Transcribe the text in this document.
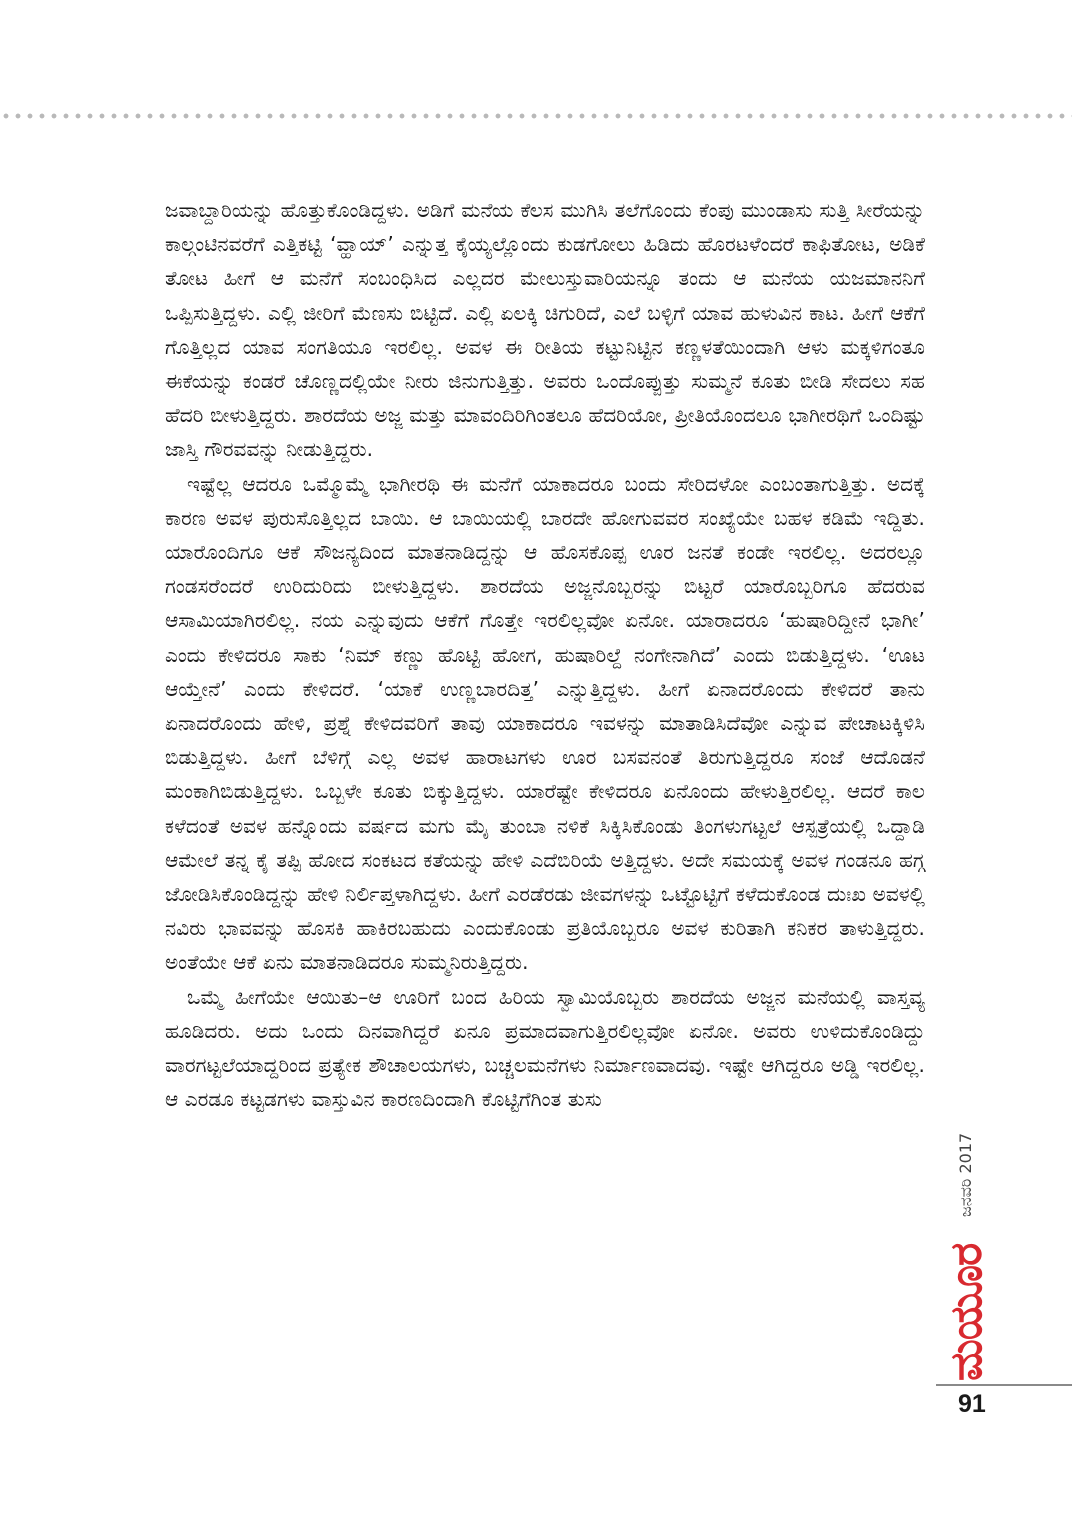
ಜವಾಬ್ದಾರಿಯನ್ನು ಹೊತ್ತುಕೊಂಡಿದ್ದಳು. ಅಡಿಗೆ ಮನೆಯ ಕೆಲಸ ಮುಗಿಸಿ ತಲೆಗೊಂದು ಕೆಂಪು ಮುಂಡಾಸು ಸುತ್ತಿ ಸೀರೆಯನ್ನು ಕಾಲ್ಗಂಟಿನವರೆಗೆ ಎತ್ತಿಕಟ್ಟಿ ‘ವ್ಹಾಯ್’ ಎನ್ನುತ್ತ ಕೈಯ್ಯಲ್ಲೊಂದು ಕುಡಗೋಲು ಹಿಡಿದು ಹೊರಟಳೆಂದರೆ ಕಾಫಿತೋಟ, ಅಡಿಕೆ ತೋಟ ಹೀಗೆ ಆ ಮನೆಗೆ ಸಂಬಂಧಿಸಿದ ಎಲ್ಲದರ ಮೇಲುಸ್ತುವಾರಿಯನ್ನೂ ತಂದು ಆ ಮನೆಯ ಯಜಮಾನನಿಗೆ ಒಪ್ಪಿಸುತ್ತಿದ್ದಳು. ಎಲ್ಲಿ ಜೀರಿಗೆ ಮೆಣಸು ಬಿಟ್ಟಿದೆ. ಎಲ್ಲಿ ಏಲಕ್ಕಿ ಚಿಗುರಿದೆ, ಎಲೆ ಬಳ್ಳಿಗೆ ಯಾವ ಹುಳುವಿನ ಕಾಟ. ಹೀಗೆ ಆಕೆಗೆ ಗೊತ್ತಿಲ್ಲದ ಯಾವ ಸಂಗತಿಯೂ ಇರಲಿಲ್ಲ. ಅವಳ ಈ ರೀತಿಯ ಕಟ್ಟುನಿಟ್ಟಿನ ಕಣ್ಣಳತೆಯಿಂದಾಗಿ ಆಳು ಮಕ್ಕಳಿಗಂತೂ ಈಕೆಯನ್ನು ಕಂಡರೆ ಚೊಣ್ಣದಲ್ಲಿಯೇ ನೀರು ಜಿನುಗುತ್ತಿತ್ತು. ಅವರು ಒಂದೊಪ್ಪುತ್ತು ಸುಮ್ಮನೆ ಕೂತು ಬೀಡಿ ಸೇದಲು ಸಹ ಹೆದರಿ ಬೀಳುತ್ತಿದ್ದರು. ಶಾರದೆಯ ಅಜ್ಜ ಮತ್ತು ಮಾವಂದಿರಿಗಿಂತಲೂ ಹೆದರಿಯೋ, ಪ್ರೀತಿಯೊಂದಲೂ ಭಾಗೀರಥಿಗೆ ಒಂದಿಷ್ಟು ಜಾಸ್ತಿ ಗೌರವವನ್ನು ನೀಡುತ್ತಿದ್ದರು.

ಇಷ್ಟೆಲ್ಲ ಆದರೂ ಒಮ್ಮೊಮ್ಮೆ ಭಾಗೀರಥಿ ಈ ಮನೆಗೆ ಯಾಕಾದರೂ ಬಂದು ಸೇರಿದಳೋ ಎಂಬಂತಾಗುತ್ತಿತ್ತು. ಅದಕ್ಕೆ ಕಾರಣ ಅವಳ ಪುರುಸೊತ್ತಿಲ್ಲದ ಬಾಯಿ. ಆ ಬಾಯಿಯಲ್ಲಿ ಬಾರದೇ ಹೋಗುವವರ ಸಂಖ್ಯೆಯೇ ಬಹಳ ಕಡಿಮೆ ಇದ್ದಿತು. ಯಾರೊಂದಿಗೂ ಆಕೆ ಸೌಜನ್ಯದಿಂದ ಮಾತನಾಡಿದ್ದನ್ನು ಆ ಹೊಸಕೊಪ್ಪ ಊರ ಜನತೆ ಕಂಡೇ ಇರಲಿಲ್ಲ. ಅದರಲ್ಲೂ ಗಂಡಸರೆಂದರೆ ಉರಿದುರಿದು ಬೀಳುತ್ತಿದ್ದಳು. ಶಾರದೆಯ ಅಜ್ಜನೊಬ್ಬರನ್ನು ಬಿಟ್ಟರೆ ಯಾರೊಬ್ಬರಿಗೂ ಹೆದರುವ ಆಸಾಮಿಯಾಗಿರಲಿಲ್ಲ. ನಯ ಎನ್ನುವುದು ಆಕೆಗೆ ಗೊತ್ತೇ ಇರಲಿಲ್ಲವೋ ಏನೋ. ಯಾರಾದರೂ ‘ಹುಷಾರಿದ್ದೀನೆ ಭಾಗೀ’ ಎಂದು ಕೇಳಿದರೂ ಸಾಕು ‘ನಿಮ್ ಕಣ್ಣು ಹೊಟ್ಟಿ ಹೋಗ, ಹುಷಾರಿಲ್ದೆ ನಂಗೇನಾಗಿದೆ’ ಎಂದು ಬಿಡುತ್ತಿದ್ದಳು. ‘ಊಟ ಆಯ್ತೇನೆ’ ಎಂದು ಕೇಳಿದರೆ. ‘ಯಾಕೆ ಉಣ್ಣಬಾರದಿತ್ತ’ ಎನ್ನುತ್ತಿದ್ದಳು. ಹೀಗೆ ಏನಾದರೊಂದು ಕೇಳಿದರೆ ತಾನು ಏನಾದರೊಂದು ಹೇಳಿ, ಪ್ರಶ್ನೆ ಕೇಳಿದವರಿಗೆ ತಾವು ಯಾಕಾದರೂ ಇವಳನ್ನು ಮಾತಾಡಿಸಿದೆವೋ ಎನ್ನುವ ಪೇಚಾಟಕ್ಕಿಳಿಸಿ ಬಿಡುತ್ತಿದ್ದಳು. ಹೀಗೆ ಬೆಳಿಗ್ಗೆ ಎಲ್ಲ ಅವಳ ಹಾರಾಟಗಳು ಊರ ಬಸವನಂತೆ ತಿರುಗುತ್ತಿದ್ದರೂ ಸಂಜೆ ಆದೊಡನೆ ಮಂಕಾಗಿಬಿಡುತ್ತಿದ್ದಳು. ಒಬ್ಬಳೇ ಕೂತು ಬಿಕ್ಕುತ್ತಿದ್ದಳು. ಯಾರೆಷ್ಟೇ ಕೇಳಿದರೂ ಏನೊಂದು ಹೇಳುತ್ತಿರಲಿಲ್ಲ. ಆದರೆ ಕಾಲ ಕಳೆದಂತೆ ಅವಳ ಹನ್ನೊಂದು ವರ್ಷದ ಮಗು ಮೈ ತುಂಬಾ ನಳಿಕೆ ಸಿಕ್ಕಿಸಿಕೊಂಡು ತಿಂಗಳುಗಟ್ಟಲೆ ಆಸ್ಪತ್ರೆಯಲ್ಲಿ ಒದ್ದಾಡಿ ಆಮೇಲೆ ತನ್ನ ಕೈ ತಪ್ಪಿ ಹೋದ ಸಂಕಟದ ಕತೆಯನ್ನು ಹೇಳಿ ಎದೆಬಿರಿಯೆ ಅತ್ತಿದ್ದಳು. ಅದೇ ಸಮಯಕ್ಕೆ ಅವಳ ಗಂಡನೂ ಹಗ್ಗ ಜೋಡಿಸಿಕೊಂಡಿದ್ದನ್ನು ಹೇಳಿ ನಿರ್ಲಿಪ್ತಳಾಗಿದ್ದಳು. ಹೀಗೆ ಎರಡೆರಡು ಜೀವಗಳನ್ನು ಒಟ್ಟೊಟ್ಟಿಗೆ ಕಳೆದುಕೊಂಡ ದುಃಖ ಅವಳಲ್ಲಿ ನವಿರು ಭಾವವನ್ನು ಹೊಸಕಿ ಹಾಕಿರಬಹುದು ಎಂದುಕೊಂಡು ಪ್ರತಿಯೊಬ್ಬರೂ ಅವಳ ಕುರಿತಾಗಿ ಕನಿಕರ ತಾಳುತ್ತಿದ್ದರು. ಅಂತೆಯೇ ಆಕೆ ಏನು ಮಾತನಾಡಿದರೂ ಸುಮ್ಮನಿರುತ್ತಿದ್ದರು.

ಒಮ್ಮೆ ಹೀಗೆಯೇ ಆಯಿತು–ಆ ಊರಿಗೆ ಬಂದ ಹಿರಿಯ ಸ್ವಾಮಿಯೊಬ್ಬರು ಶಾರದೆಯ ಅಜ್ಜನ ಮನೆಯಲ್ಲಿ ವಾಸ್ತವ್ಯ ಹೂಡಿದರು. ಅದು ಒಂದು ದಿನವಾಗಿದ್ದರೆ ಏನೂ ಪ್ರಮಾದವಾಗುತ್ತಿರಲಿಲ್ಲವೋ ಏನೋ. ಅವರು ಉಳಿದುಕೊಂಡಿದ್ದು ವಾರಗಟ್ಟಲೆಯಾದ್ದರಿಂದ ಪ್ರತ್ಯೇಕ ಶೌಚಾಲಯಗಳು, ಬಚ್ಚಲಮನೆಗಳು ನಿರ್ಮಾಣವಾದವು. ಇಷ್ಟೇ ಆಗಿದ್ದರೂ ಅಡ್ಡಿ ಇರಲಿಲ್ಲ. ಆ ಎರಡೂ ಕಟ್ಟಡಗಳು ವಾಸ್ತುವಿನ ಕಾರಣದಿಂದಾಗಿ ಕೊಟ್ಟಿಗೆಗಿಂತ ತುಸು

ಜನವರಿ 2017
ಮಯೂರ
91
